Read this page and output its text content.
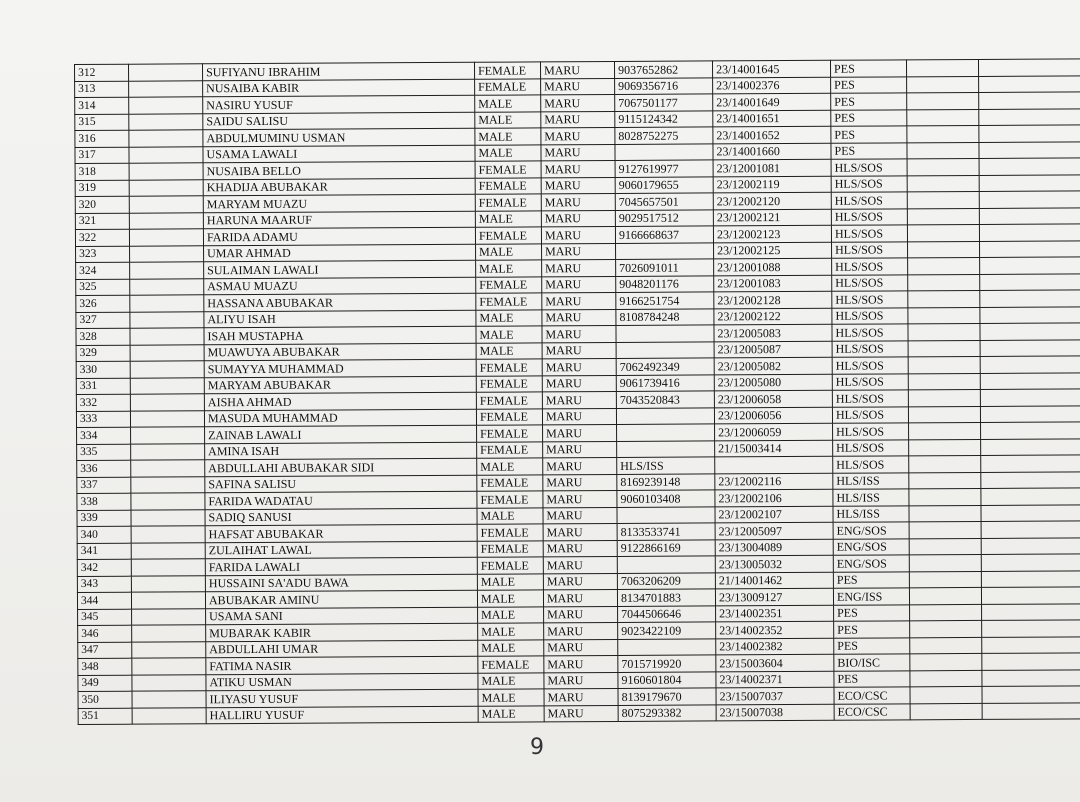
312		SUFIYANU IBRAHIM	FEMALE	MARU	9037652862	23/14001645	PES		
313		NUSAIBA KABIR	FEMALE	MARU	9069356716	23/14002376	PES		
314		NASIRU YUSUF	MALE	MARU	7067501177	23/14001649	PES		
315		SAIDU SALISU	MALE	MARU	9115124342	23/14001651	PES		
316		ABDULMUMINU USMAN	MALE	MARU	8028752275	23/14001652	PES		
317		USAMA LAWALI	MALE	MARU		23/14001660	PES		
318		NUSAIBA BELLO	FEMALE	MARU	9127619977	23/12001081	HLS/SOS		
319		KHADIJA ABUBAKAR	FEMALE	MARU	9060179655	23/12002119	HLS/SOS		
320		MARYAM MUAZU	FEMALE	MARU	7045657501	23/12002120	HLS/SOS		
321		HARUNA MAARUF	MALE	MARU	9029517512	23/12002121	HLS/SOS		
322		FARIDA ADAMU	FEMALE	MARU	9166668637	23/12002123	HLS/SOS		
323		UMAR AHMAD	MALE	MARU		23/12002125	HLS/SOS		
324		SULAIMAN LAWALI	MALE	MARU	7026091011	23/12001088	HLS/SOS		
325		ASMAU MUAZU	FEMALE	MARU	9048201176	23/12001083	HLS/SOS		
326		HASSANA ABUBAKAR	FEMALE	MARU	9166251754	23/12002128	HLS/SOS		
327		ALIYU ISAH	MALE	MARU	8108784248	23/12002122	HLS/SOS		
328		ISAH MUSTAPHA	MALE	MARU		23/12005083	HLS/SOS		
329		MUAWUYA ABUBAKAR	MALE	MARU		23/12005087	HLS/SOS		
330		SUMAYYA MUHAMMAD	FEMALE	MARU	7062492349	23/12005082	HLS/SOS		
331		MARYAM ABUBAKAR	FEMALE	MARU	9061739416	23/12005080	HLS/SOS		
332		AISHA AHMAD	FEMALE	MARU	7043520843	23/12006058	HLS/SOS		
333		MASUDA MUHAMMAD	FEMALE	MARU		23/12006056	HLS/SOS		
334		ZAINAB LAWALI	FEMALE	MARU		23/12006059	HLS/SOS		
335		AMINA ISAH	FEMALE	MARU		21/15003414	HLS/SOS		
336		ABDULLAHI ABUBAKAR SIDI	MALE	MARU	HLS/ISS		HLS/SOS		
337		SAFINA SALISU	FEMALE	MARU	8169239148	23/12002116	HLS/ISS		
338		FARIDA WADATAU	FEMALE	MARU	9060103408	23/12002106	HLS/ISS		
339		SADIQ SANUSI	MALE	MARU		23/12002107	HLS/ISS		
340		HAFSAT ABUBAKAR	FEMALE	MARU	8133533741	23/12005097	ENG/SOS		
341		ZULAIHAT LAWAL	FEMALE	MARU	9122866169	23/13004089	ENG/SOS		
342		FARIDA LAWALI	FEMALE	MARU		23/13005032	ENG/SOS		
343		HUSSAINI SA'ADU BAWA	MALE	MARU	7063206209	21/14001462	PES		
344		ABUBAKAR AMINU	MALE	MARU	8134701883	23/13009127	ENG/ISS		
345		USAMA SANI	MALE	MARU	7044506646	23/14002351	PES		
346		MUBARAK KABIR	MALE	MARU	9023422109	23/14002352	PES		
347		ABDULLAHI UMAR	MALE	MARU		23/14002382	PES		
348		FATIMA NASIR	FEMALE	MARU	7015719920	23/15003604	BIO/ISC		
349		ATIKU USMAN	MALE	MARU	9160601804	23/14002371	PES		
350		ILIYASU YUSUF	MALE	MARU	8139179670	23/15007037	ECO/CSC		
351		HALLIRU YUSUF	MALE	MARU	8075293382	23/15007038	ECO/CSC		
9
